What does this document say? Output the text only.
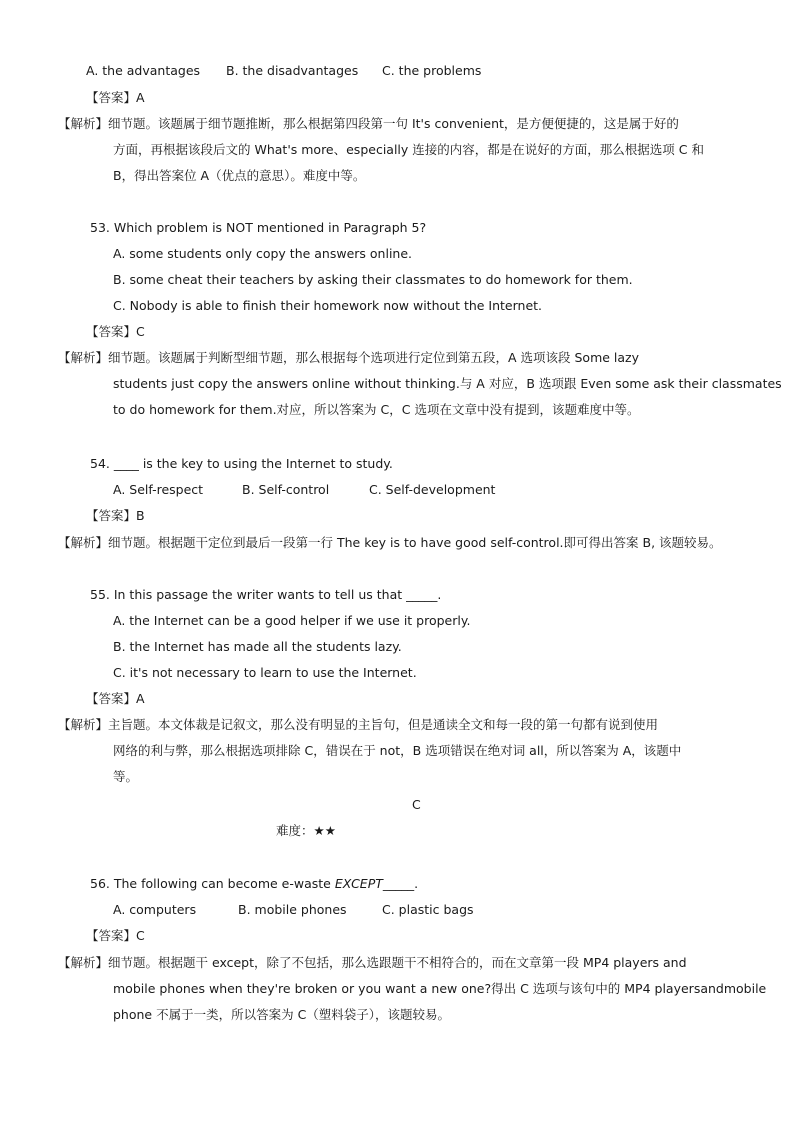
A. the advantages B. the disadvantages C. the problems
【答案】A
【解析】细节题。该题属于细节题推断，那么根据第四段第一句 It's convenient，是方便便捷的，这是属于好的
方面，再根据该段后文的 What's more、especially 连接的内容，都是在说好的方面，那么根据选项 C 和
B，得出答案位 A（优点的意思）。难度中等。
53. Which problem is NOT mentioned in Paragraph 5?
A. some students only copy the answers online.
B. some cheat their teachers by asking their classmates to do homework for them.
C. Nobody is able to finish their homework now without the Internet.
【答案】C
【解析】细节题。该题属于判断型细节题，那么根据每个选项进行定位到第五段，A 选项该段 Some lazy
students just copy the answers online without thinking.与 A 对应，B 选项跟 Even some ask their classmates
to do homework for them.对应，所以答案为 C，C 选项在文章中没有提到，该题难度中等。
54. ____ is the key to using the Internet to study.
A. Self-respect	B. Self-control	C. Self-development
【答案】B
【解析】细节题。根据题干定位到最后一段第一行 The key is to have good self-control.即可得出答案 B, 该题较易。
55. In this passage the writer wants to tell us that _____.
A. the Internet can be a good helper if we use it properly.
B. the Internet has made all the students lazy.
C. it's not necessary to learn to use the Internet.
【答案】A
【解析】主旨题。本文体裁是记叙文，那么没有明显的主旨句，但是通读全文和每一段的第一句都有说到使用
网络的利与弊，那么根据选项排除 C，错误在于 not，B 选项错误在绝对词 all，所以答案为 A，该题中
等。
C
难度：★★
56. The following can become e-waste EXCEPT_____.
A. computers	B. mobile phones	C. plastic bags
【答案】C
【解析】细节题。根据题干 except，除了不包括，那么选跟题干不相符合的，而在文章第一段 MP4 players and
mobile phones when they're broken or you want a new one?得出 C 选项与该句中的 MP4 playersandmobile
phone 不属于一类，所以答案为 C（塑料袋子），该题较易。
